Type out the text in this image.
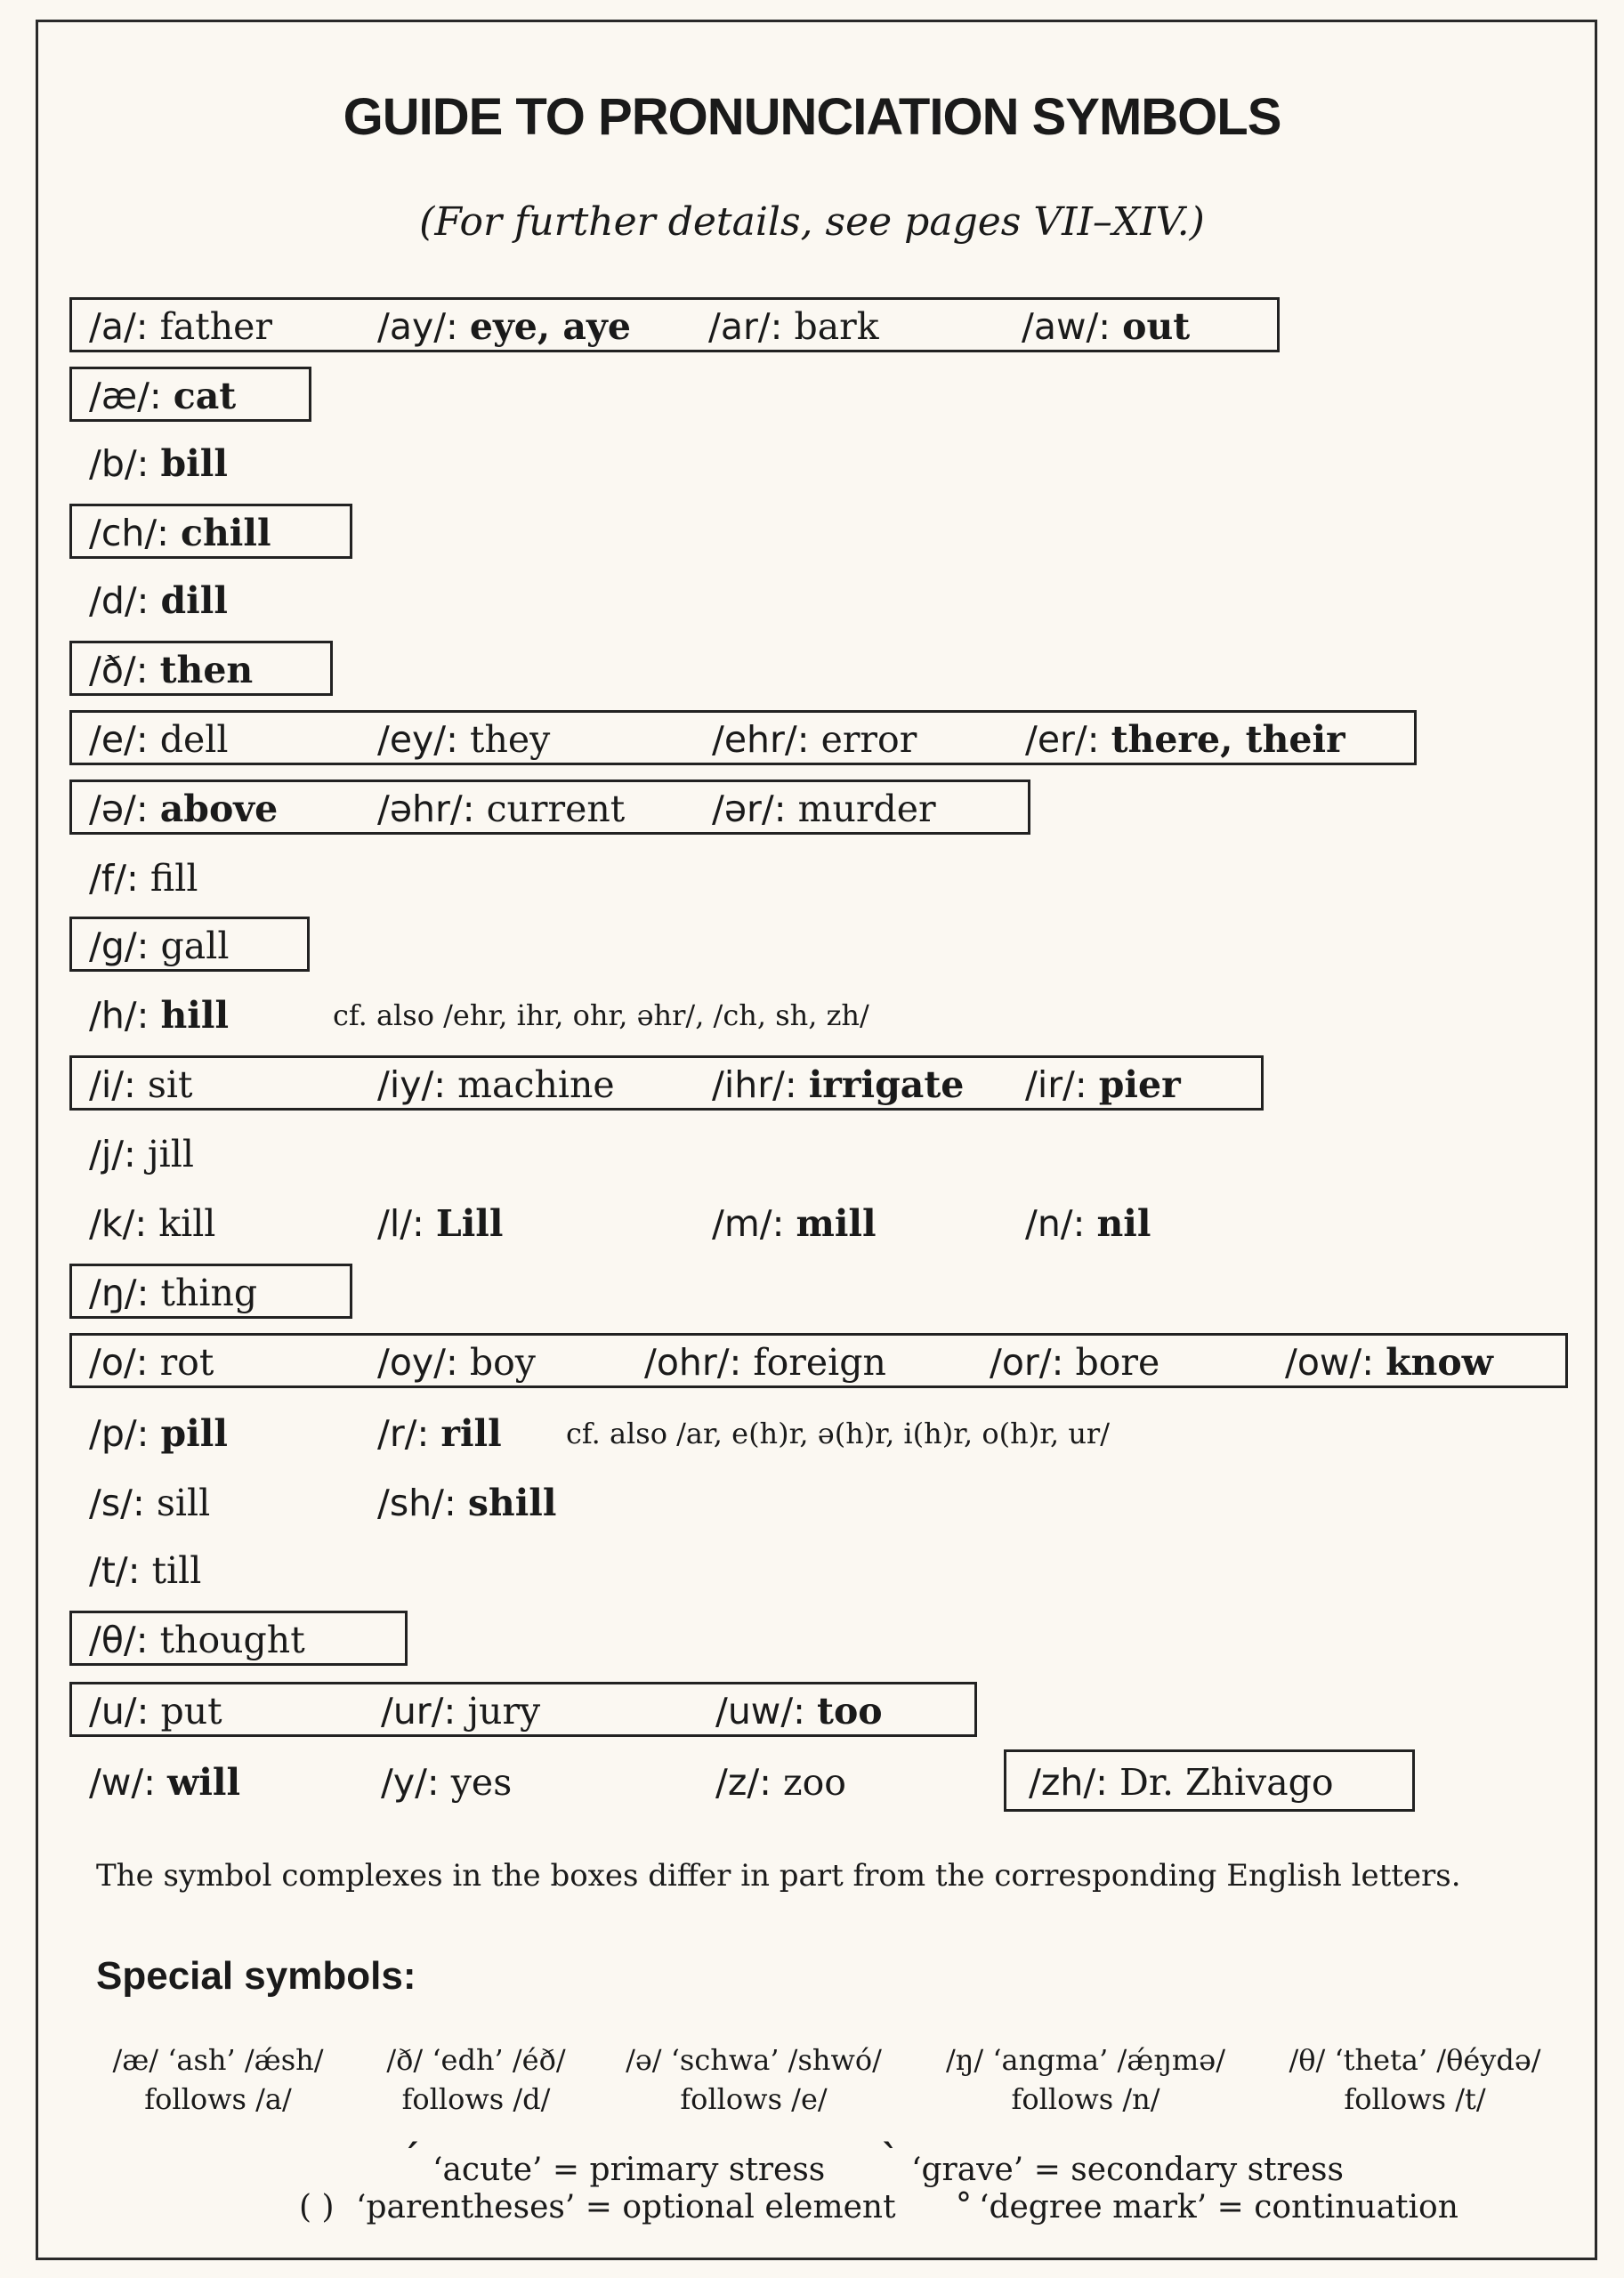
GUIDE TO PRONUNCIATION SYMBOLS
(For further details, see pages VII–XIV.)
/a/: father	/ay/: eye, aye /ar/: bark	/aw/: out
/æ/: cat
/b/: bill
/ch/: chill
/d/: dill
/ð/: then
/e/: dell	/ey/: they	/ehr/: error	/er/: there, their
/ə/: above	/əhr/: current /ər/: murder
/f/: fill
/g/: gall
/h/: hill	cf. also /ehr, ihr, ohr, əhr/, /ch, sh, zh/
/i/: sit	/iy/: machine	/ihr/: irrigate /ir/: pier
/j/: jill
/k/: kill	/l/: Lill	/m/: mill	/n/: nil
/ŋ/: thing
/o/: rot	/oy/: boy	/ohr/: foreign	/or/: bore	/ow/: know
/p/: pill	/r/: rill cf. also /ar, e(h)r, ə(h)r, i(h)r, o(h)r, ur/
/s/: sill	/sh/: shill
/t/: till
/θ/: thought
/u/: put	/ur/: jury	/uw/: too
/w/: will	/y/: yes	/z/: zoo	/zh/: Dr. Zhivago
The symbol complexes in the boxes differ in part from the corresponding English letters.
Special symbols:
/æ/ ‘ash’ /ǽsh/
follows /a/
/ð/ ‘edh’ /éð/
follows /d/
/ə/ ‘schwa’ /shwó/
follows /e/
/ŋ/ ‘angma’ /ǽŋmə/
follows /n/
/θ/ ‘theta’ /θéydə/
follows /t/
ˊ ‘acute’ = primary stress ˋ ‘grave’ = secondary stress
( ) ‘parentheses’ = optional element ° ‘degree mark’ = continuation
